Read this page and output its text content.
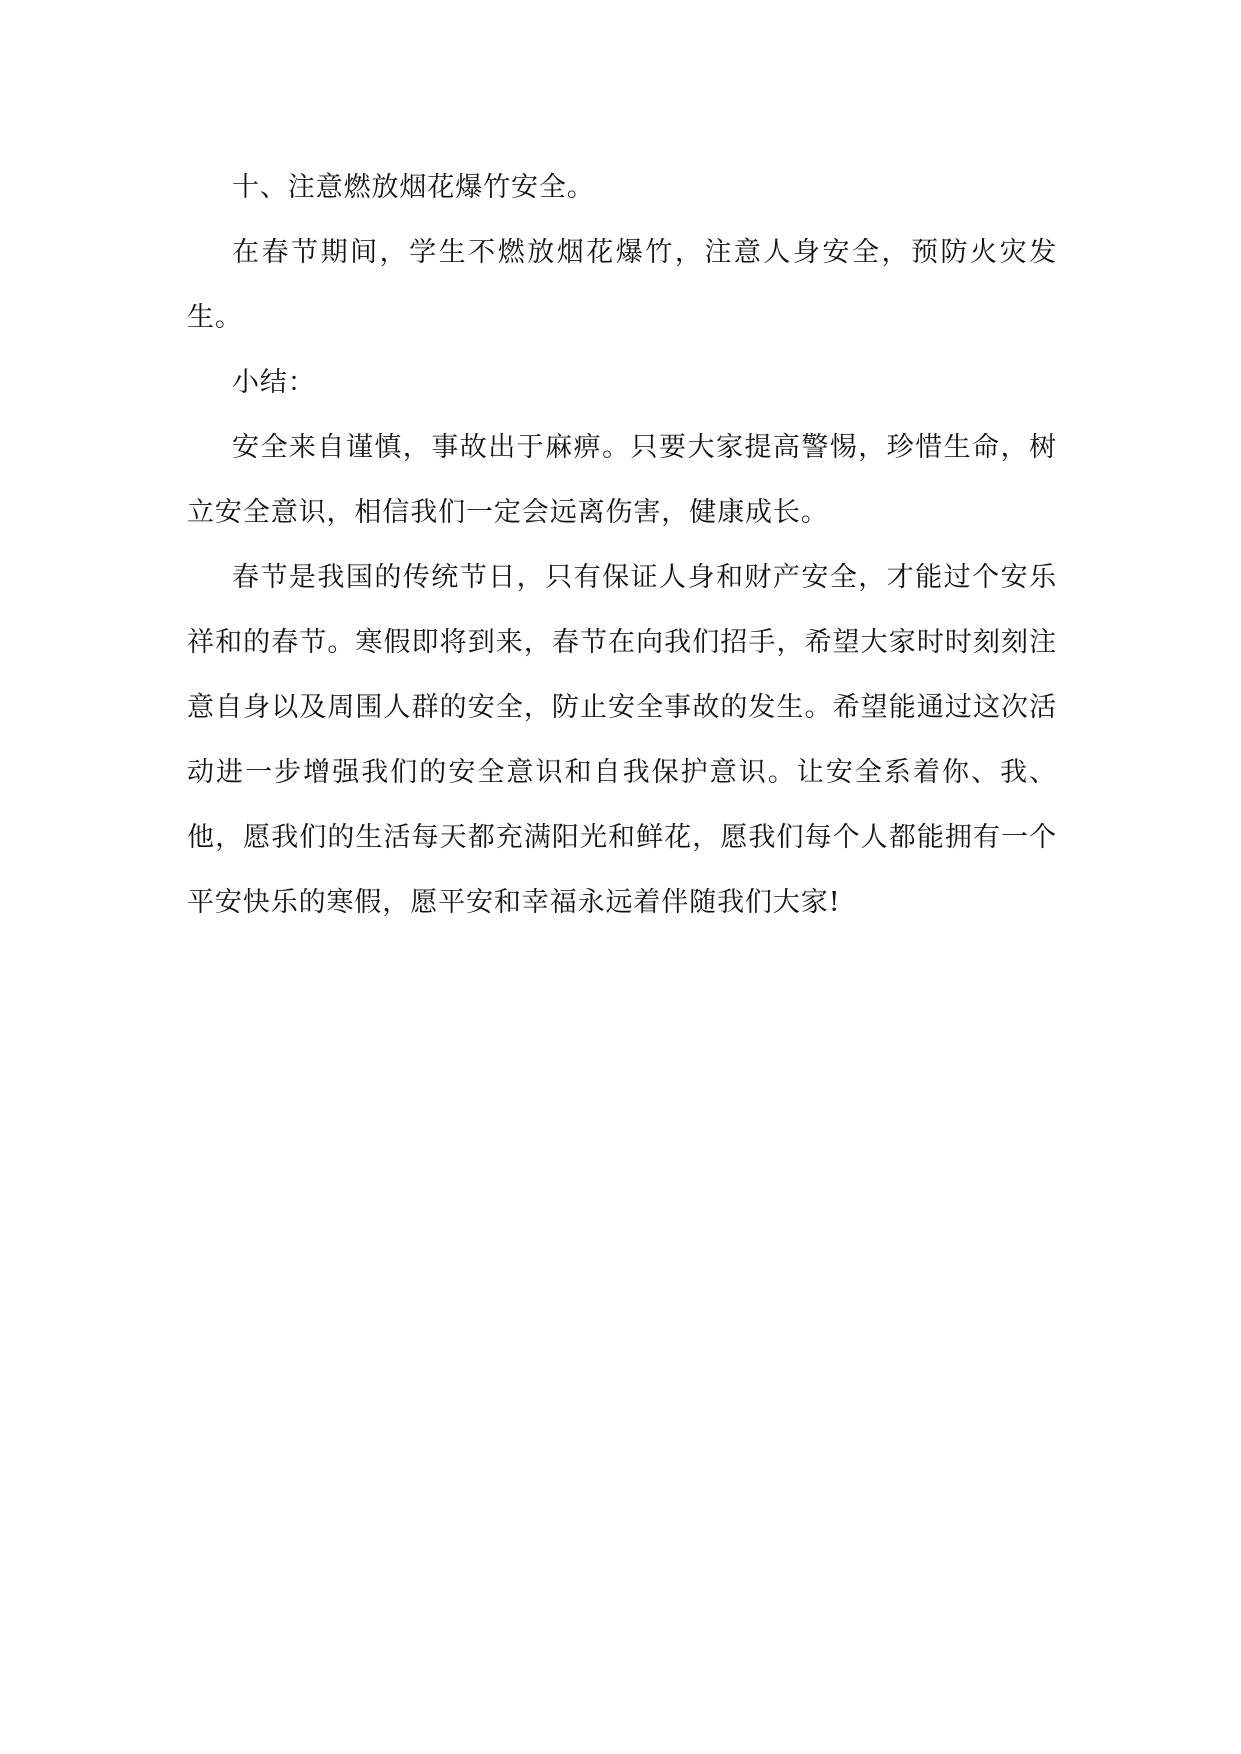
十、注意燃放烟花爆竹安全。

在春节期间，学生不燃放烟花爆竹，注意人身安全，预防火灾发生。

小结：

安全来自谨慎，事故出于麻痹。只要大家提高警惕，珍惜生命，树立安全意识，相信我们一定会远离伤害，健康成长。

春节是我国的传统节日，只有保证人身和财产安全，才能过个安乐祥和的春节。寒假即将到来，春节在向我们招手，希望大家时时刻刻注意自身以及周围人群的安全，防止安全事故的发生。希望能通过这次活动进一步增强我们的安全意识和自我保护意识。让安全系着你、我、他，愿我们的生活每天都充满阳光和鲜花，愿我们每个人都能拥有一个平安快乐的寒假，愿平安和幸福永远着伴随我们大家!
